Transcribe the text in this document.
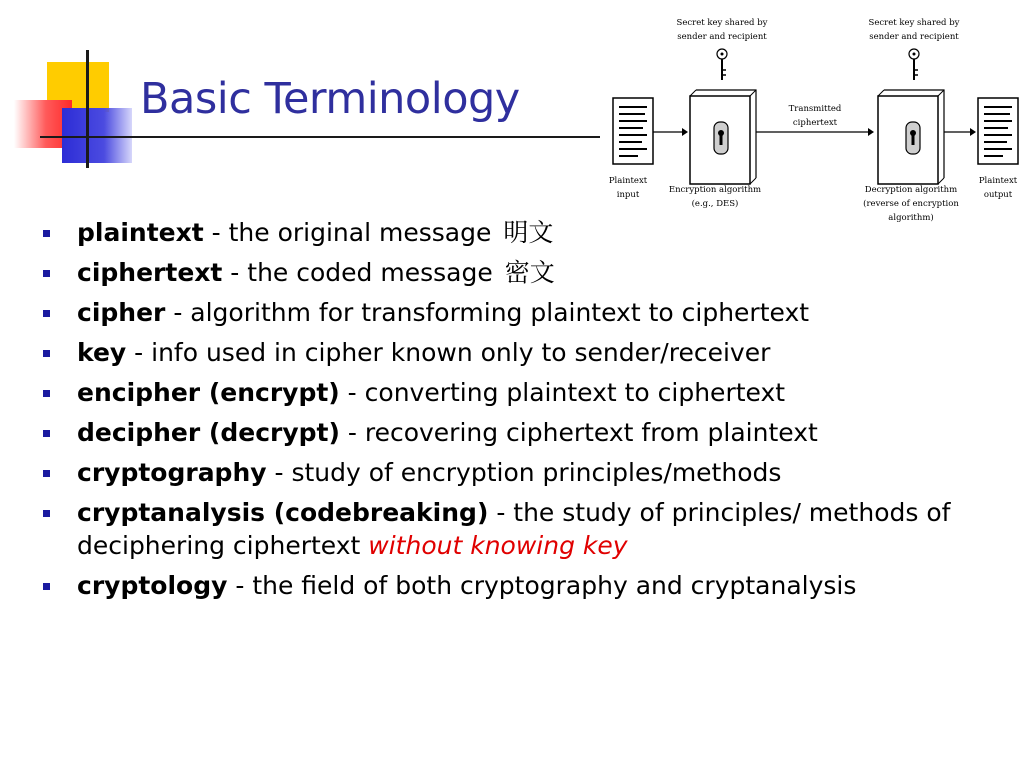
Basic Terminology
Secret key shared by
sender and recipient
Secret key shared by
sender and recipient
Transmitted
ciphertext
Plaintext
input	Encryption algorithm
(e.g., DES)
Decryption algorithm
(reverse of encryption
algorithm)
Plaintext
output
plaintext - the original message 明文
ciphertext - the coded message 密文
cipher - algorithm for transforming plaintext to ciphertext
key - info used in cipher known only to sender/receiver
encipher (encrypt) - converting plaintext to ciphertext
decipher (decrypt) - recovering ciphertext from plaintext
cryptography - study of encryption principles/methods
cryptanalysis (codebreaking) - the study of principles/ methods of deciphering ciphertext without knowing key
cryptology - the field of both cryptography and cryptanalysis
